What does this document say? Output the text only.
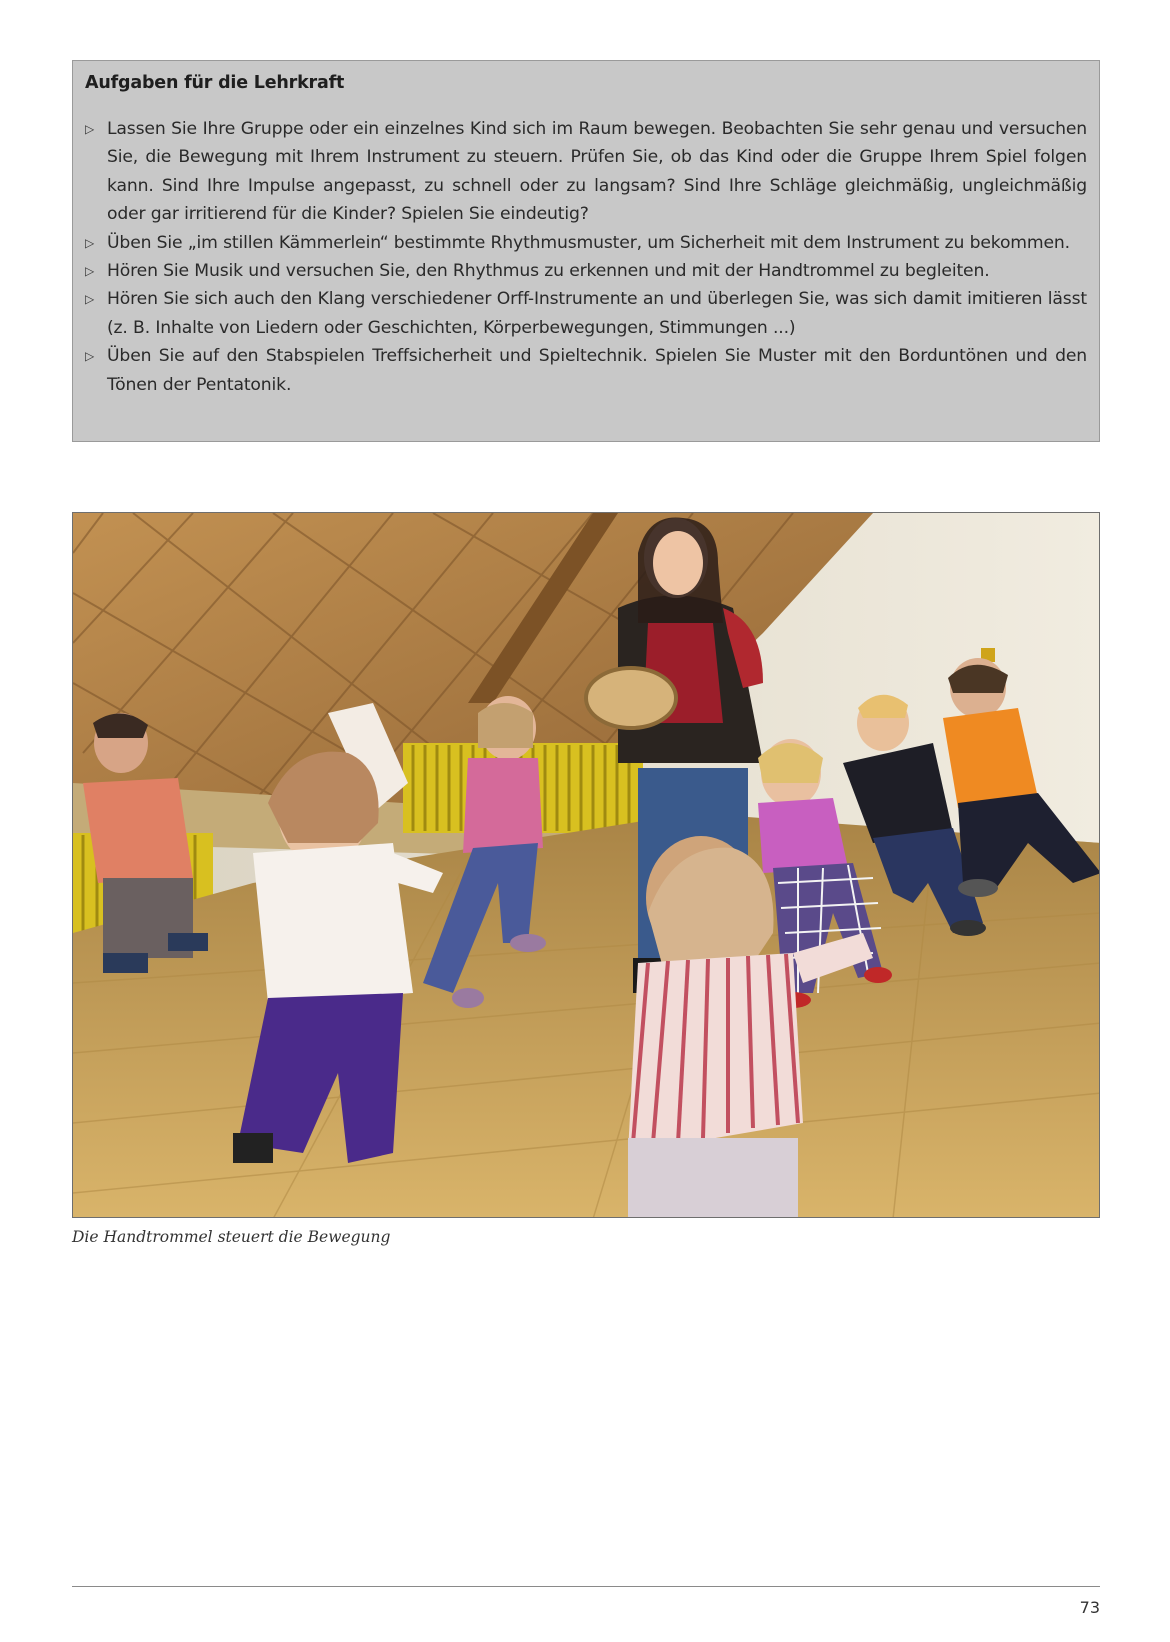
Aufgaben für die Lehrkraft
▷ Lassen Sie Ihre Gruppe oder ein einzelnes Kind sich im Raum bewegen. Beobachten Sie sehr genau und versuchen Sie, die Bewegung mit Ihrem Instrument zu steuern. Prüfen Sie, ob das Kind oder die Gruppe Ihrem Spiel folgen kann. Sind Ihre Impulse angepasst, zu schnell oder zu langsam? Sind Ihre Schläge gleichmäßig, ungleichmäßig oder gar irritierend für die Kinder? Spielen Sie eindeutig?
▷ Üben Sie „im stillen Kämmerlein“ bestimmte Rhythmusmuster, um Sicherheit mit dem Instrument zu bekommen.
▷ Hören Sie Musik und versuchen Sie, den Rhythmus zu erkennen und mit der Handtrommel zu begleiten.
▷ Hören Sie sich auch den Klang verschiedener Orff-Instrumente an und überlegen Sie, was sich damit imitieren lässt (z. B. Inhalte von Liedern oder Geschichten, Körperbewegungen, Stimmungen ...)
▷ Üben Sie auf den Stabspielen Treffsicherheit und Spieltechnik. Spielen Sie Muster mit den Borduntönen und den Tönen der Pentatonik.
Die Handtrommel steuert die Bewegung
73
